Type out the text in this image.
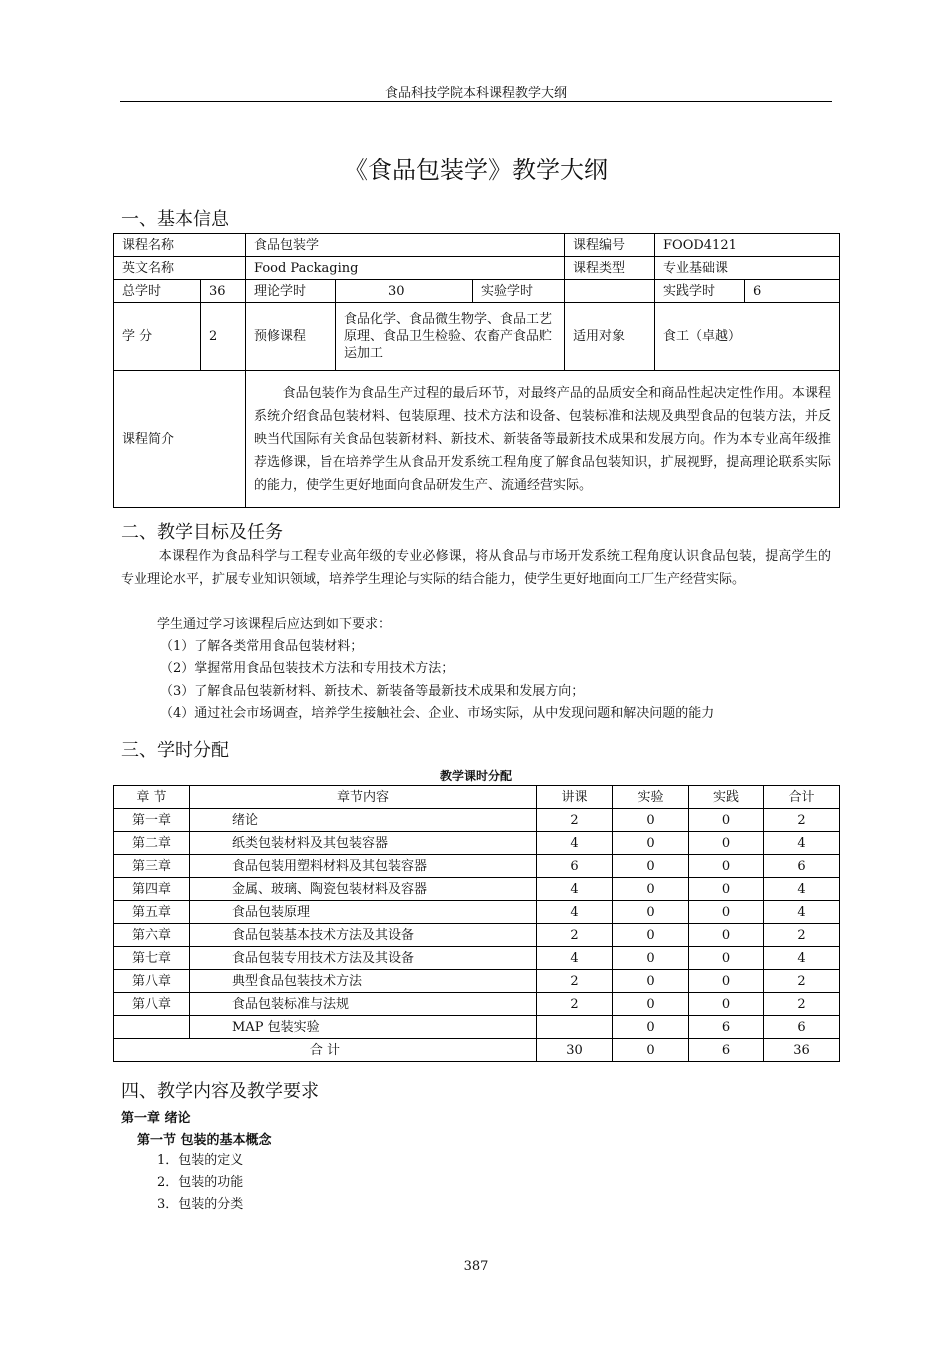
食品科技学院本科课程教学大纲
《食品包装学》教学大纲
一、基本信息
课程名称		食品包装学			课程编号	FOOD4121	
英文名称		Food Packaging			课程类型	专业基础课	
总学时	36	理论学时	30	实验学时		实践学时	6
学 分	2	预修课程	食品化学、食品微生物学、食品工艺原理、食品卫生检验、农畜产食品贮运加工		适用对象	食工（卓越）	
课程简介		食品包装作为食品生产过程的最后环节，对最终产品的品质安全和商品性起决定性作用。本课程系统介绍食品包装材料、包装原理、技术方法和设备、包装标准和法规及典型食品的包装方法，并反映当代国际有关食品包装新材料、新技术、新装备等最新技术成果和发展方向。作为本专业高年级推荐选修课，旨在培养学生从食品开发系统工程角度了解食品包装知识，扩展视野，提高理论联系实际的能力，使学生更好地面向食品研发生产、流通经营实际。					
二、教学目标及任务
本课程作为食品科学与工程专业高年级的专业必修课，将从食品与市场开发系统工程角度认识食品包装，提高学生的专业理论水平，扩展专业知识领域，培养学生理论与实际的结合能力，使学生更好地面向工厂生产经营实际。
学生通过学习该课程后应达到如下要求：
（1）了解各类常用食品包装材料；
（2）掌握常用食品包装技术方法和专用技术方法；
（3）了解食品包装新材料、新技术、新装备等最新技术成果和发展方向；
（4）通过社会市场调查，培养学生接触社会、企业、市场实际，从中发现问题和解决问题的能力
三、学时分配
教学课时分配
章 节	章节内容	讲课	实验	实践	合计
第一章	绪论	2	0	0	2
第二章	纸类包装材料及其包装容器	4	0	0	4
第三章	食品包装用塑料材料及其包装容器	6	0	0	6
第四章	金属、玻璃、陶瓷包装材料及容器	4	0	0	4
第五章	食品包装原理	4	0	0	4
第六章	食品包装基本技术方法及其设备	2	0	0	2
第七章	食品包装专用技术方法及其设备	4	0	0	4
第八章	典型食品包装技术方法	2	0	0	2
第八章	食品包装标准与法规	2	0	0	2
	MAP 包装实验		0	6	6
合 计		30	0	6	36
四、教学内容及教学要求
第一章 绪论
第一节 包装的基本概念
1．包装的定义
2．包装的功能
3．包装的分类
387
